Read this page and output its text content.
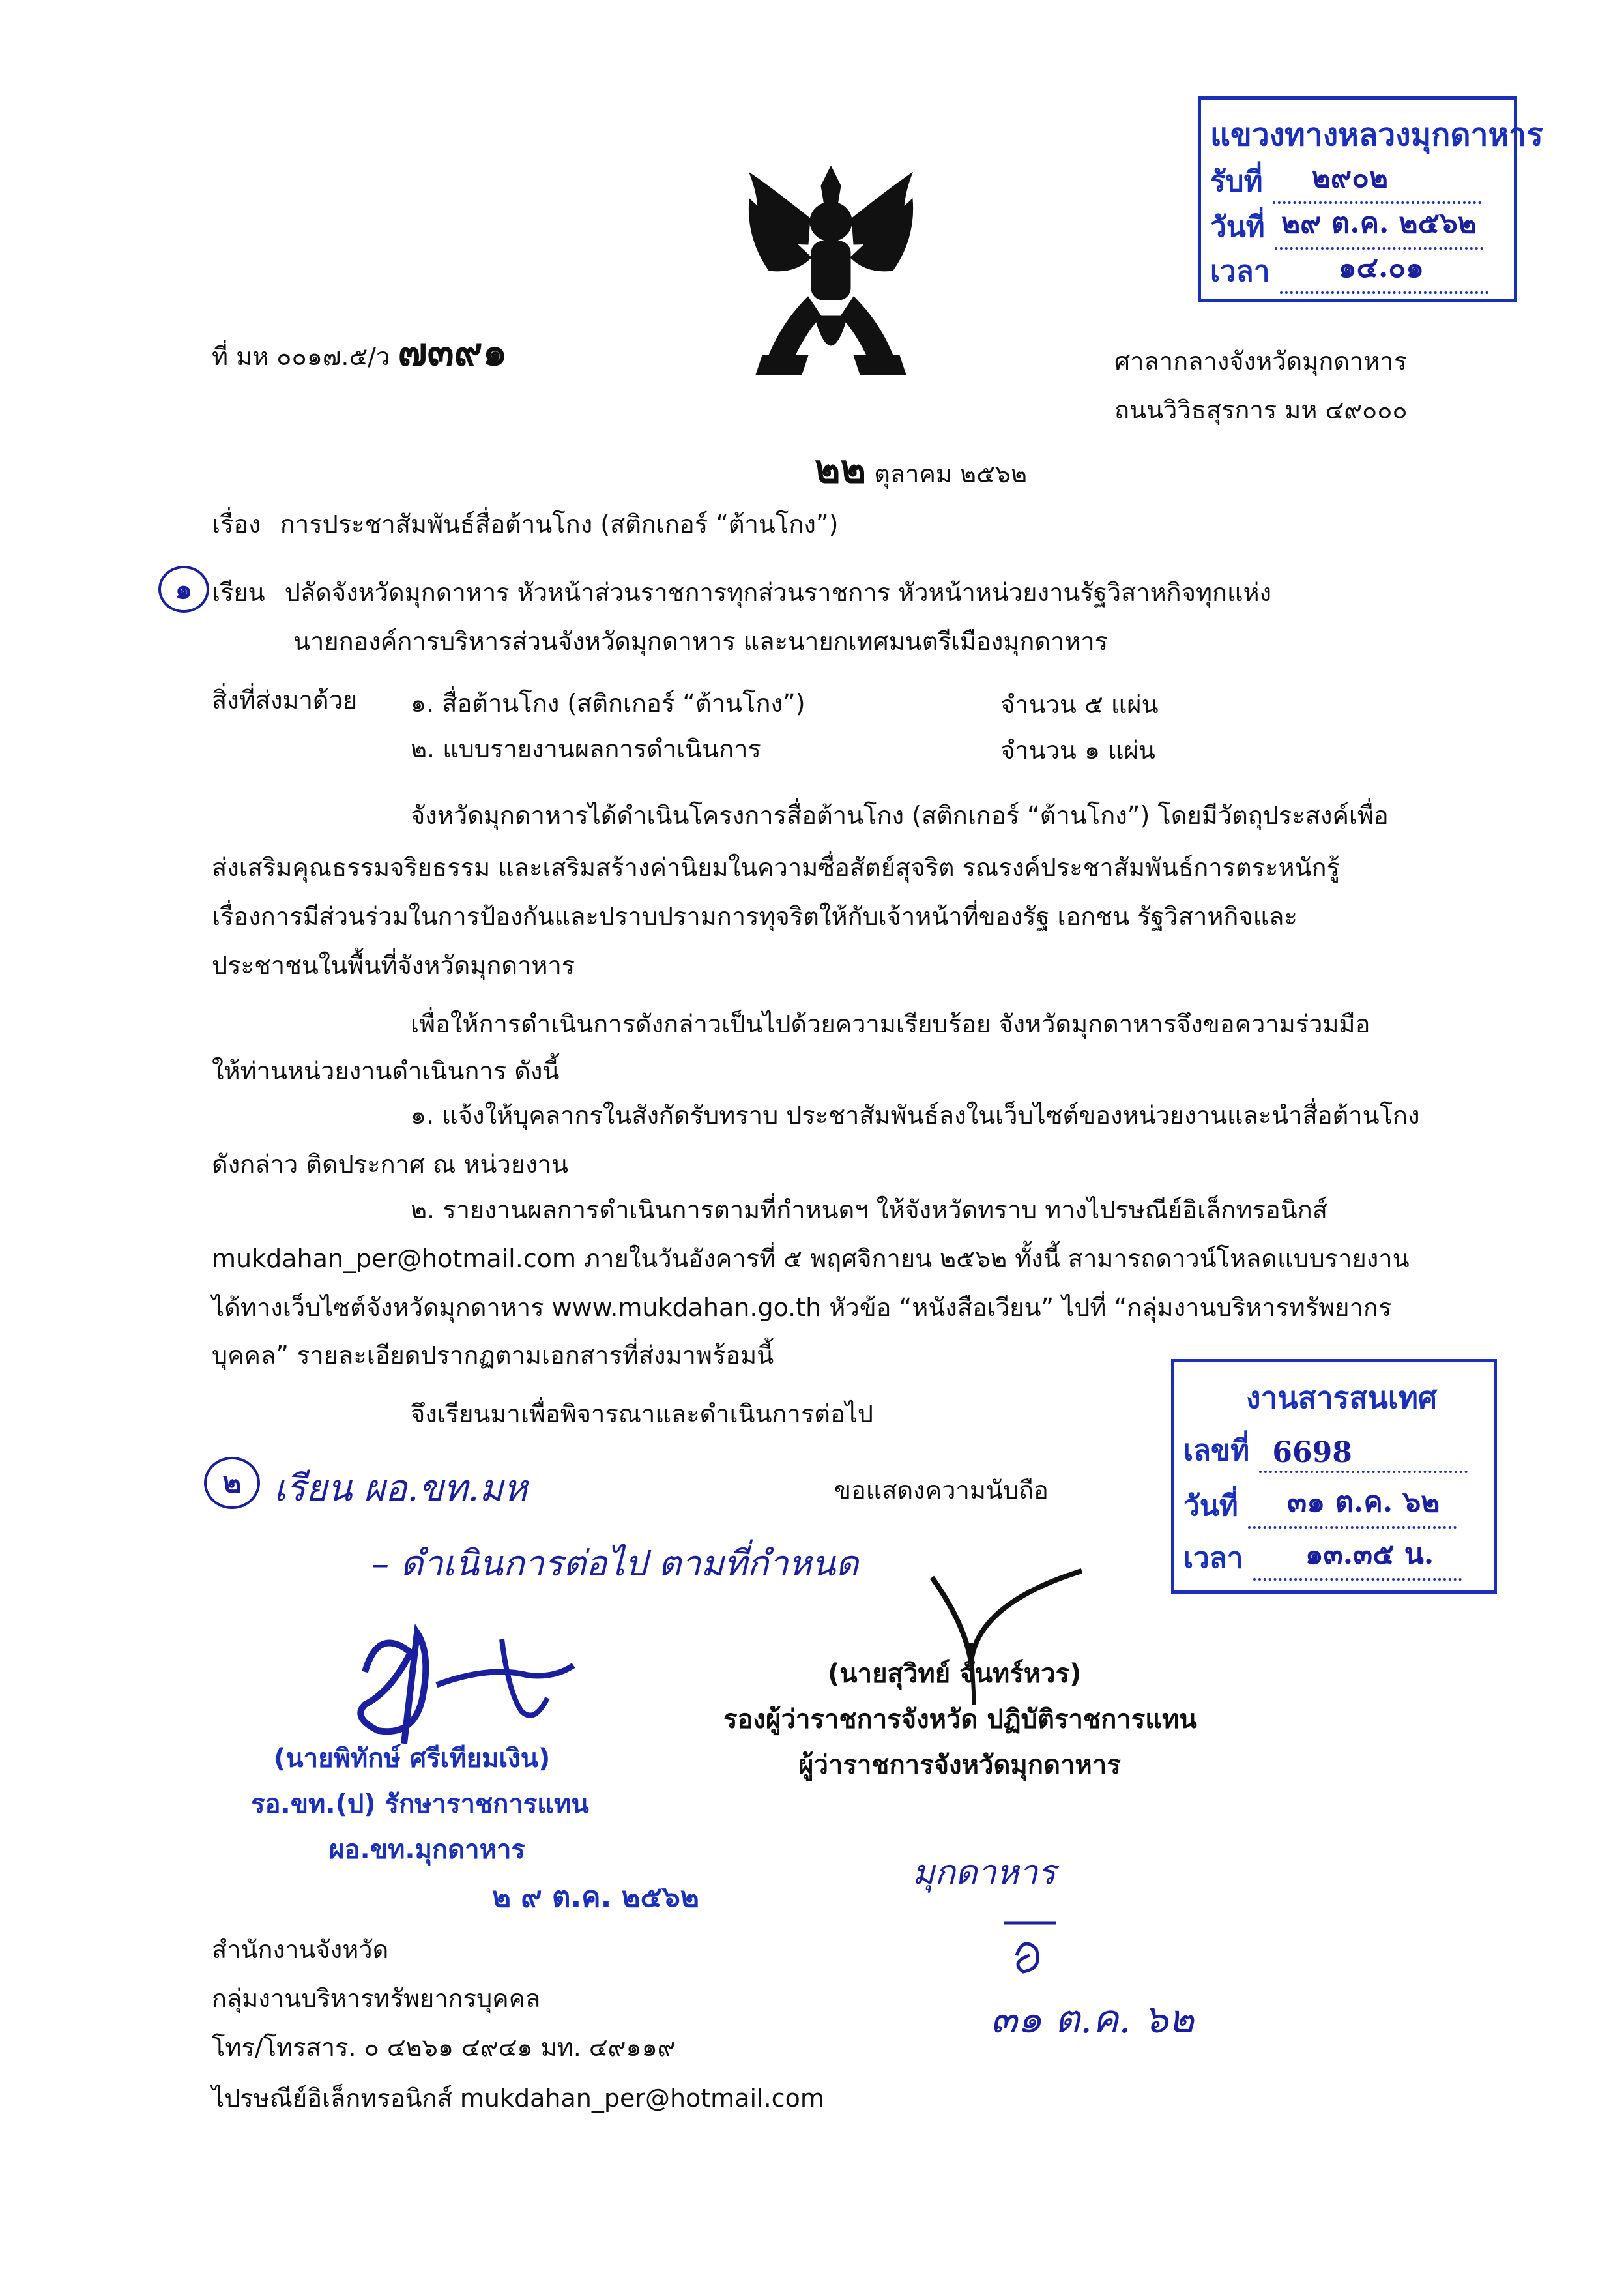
ที่ มห ๐๐๑๗.๕/ว ๗๓๙๑	ศาลากลางจังหวัดมุกดาหาร
ถนนวิวิธสุรการ มห ๔๙๐๐๐
๒๒ ตุลาคม ๒๕๖๒
แขวงทางหลวงมุกดาหาร
รับที่ ๒๙๐๒
วันที่ ๒๙ ต.ค. ๒๕๖๒
เวลา ๑๔.๐๑
เรื่อง การประชาสัมพันธ์สื่อต้านโกง (สติกเกอร์ “ต้านโกง”)
๑ เรียน ปลัดจังหวัดมุกดาหาร หัวหน้าส่วนราชการทุกส่วนราชการ หัวหน้าหน่วยงานรัฐวิสาหกิจทุกแห่ง
นายกองค์การบริหารส่วนจังหวัดมุกดาหาร และนายกเทศมนตรีเมืองมุกดาหาร
สิ่งที่ส่งมาด้วย ๑. สื่อต้านโกง (สติกเกอร์ “ต้านโกง”)	จำนวน ๕ แผ่น
๒. แบบรายงานผลการดำเนินการ	จำนวน ๑ แผ่น
จังหวัดมุกดาหารได้ดำเนินโครงการสื่อต้านโกง (สติกเกอร์ “ต้านโกง”) โดยมีวัตถุประสงค์เพื่อ
ส่งเสริมคุณธรรมจริยธรรม และเสริมสร้างค่านิยมในความซื่อสัตย์สุจริต รณรงค์ประชาสัมพันธ์การตระหนักรู้
เรื่องการมีส่วนร่วมในการป้องกันและปราบปรามการทุจริตให้กับเจ้าหน้าที่ของรัฐ เอกชน รัฐวิสาหกิจและ
ประชาชนในพื้นที่จังหวัดมุกดาหาร
เพื่อให้การดำเนินการดังกล่าวเป็นไปด้วยความเรียบร้อย จังหวัดมุกดาหารจึงขอความร่วมมือ
ให้ท่านหน่วยงานดำเนินการ ดังนี้
๑. แจ้งให้บุคลากรในสังกัดรับทราบ ประชาสัมพันธ์ลงในเว็บไซต์ของหน่วยงานและนำสื่อต้านโกง
ดังกล่าว ติดประกาศ ณ หน่วยงาน
๒. รายงานผลการดำเนินการตามที่กำหนดฯ ให้จังหวัดทราบ ทางไปรษณีย์อิเล็กทรอนิกส์
mukdahan_per@hotmail.com ภายในวันอังคารที่ ๕ พฤศจิกายน ๒๕๖๒ ทั้งนี้ สามารถดาวน์โหลดแบบรายงาน
ได้ทางเว็บไซต์จังหวัดมุกดาหาร www.mukdahan.go.th หัวข้อ “หนังสือเวียน” ไปที่ “กลุ่มงานบริหารทรัพยากร
บุคคล” รายละเอียดปรากฏตามเอกสารที่ส่งมาพร้อมนี้
จึงเรียนมาเพื่อพิจารณาและดำเนินการต่อไป
ขอแสดงความนับถือ
งานสารสนเทศ
เลขที่ 6698
วันที่ ๓๑ ต.ค. ๖๒
เวลา ๑๓.๓๕ น.
๒ เรียน ผอ.ขท.มห
– ดำเนินการต่อไป ตามที่กำหนด
(นายสุวิทย์ จันทร์หวร)
รองผู้ว่าราชการจังหวัด ปฏิบัติราชการแทน
ผู้ว่าราชการจังหวัดมุกดาหาร
(นายพิทักษ์ ศรีเทียมเงิน)
รอ.ขท.(ป) รักษาราชการแทน
ผอ.ขท.มุกดาหาร
๒ ๙ ต.ค. ๒๕๖๒
มุกดาหาร
๓๑ ต.ค. ๖๒
สำนักงานจังหวัด
กลุ่มงานบริหารทรัพยากรบุคคล
โทร/โทรสาร. ๐ ๔๒๖๑ ๔๙๔๑ มท. ๔๙๑๑๙
ไปรษณีย์อิเล็กทรอนิกส์ mukdahan_per@hotmail.com
